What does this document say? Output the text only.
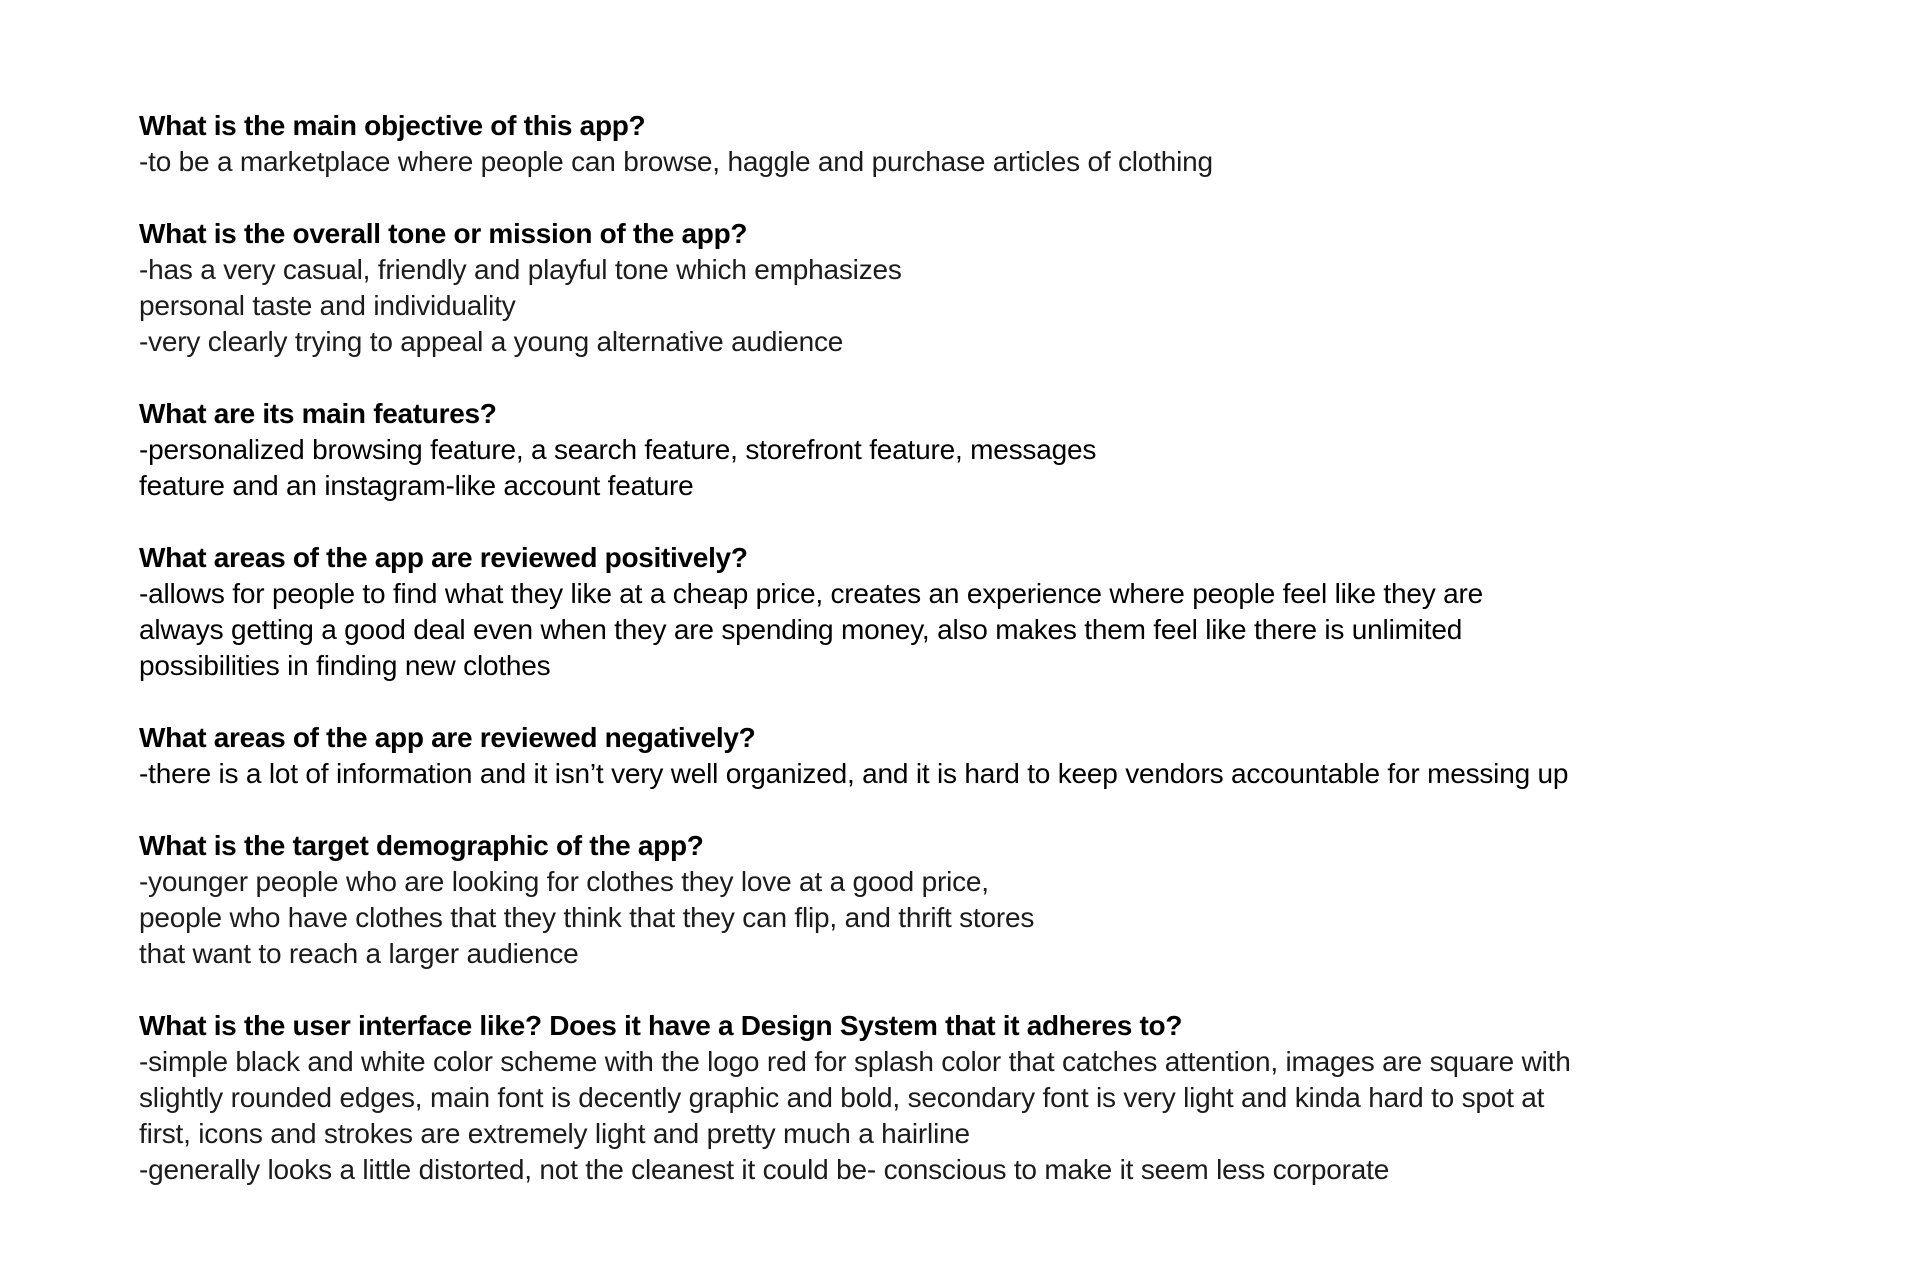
What is the main objective of this app?
-to be a marketplace where people can browse, haggle and purchase articles of clothing
What is the overall tone or mission of the app?
-has a very casual, friendly and playful tone which emphasizes
personal taste and individuality
-very clearly trying to appeal a young alternative audience
What are its main features?
-personalized browsing feature, a search feature, storefront feature, messages
feature and an instagram-like account feature
What areas of the app are reviewed positively?
-allows for people to find what they like at a cheap price, creates an experience where people feel like they are
always getting a good deal even when they are spending money, also makes them feel like there is unlimited
possibilities in finding new clothes
What areas of the app are reviewed negatively?
-there is a lot of information and it isn’t very well organized, and it is hard to keep vendors accountable for messing up
What is the target demographic of the app?
-younger people who are looking for clothes they love at a good price,
people who have clothes that they think that they can flip, and thrift stores
that want to reach a larger audience
What is the user interface like? Does it have a Design System that it adheres to?
-simple black and white color scheme with the logo red for splash color that catches attention, images are square with
slightly rounded edges, main font is decently graphic and bold, secondary font is very light and kinda hard to spot at
first, icons and strokes are extremely light and pretty much a hairline
-generally looks a little distorted, not the cleanest it could be- conscious to make it seem less corporate
